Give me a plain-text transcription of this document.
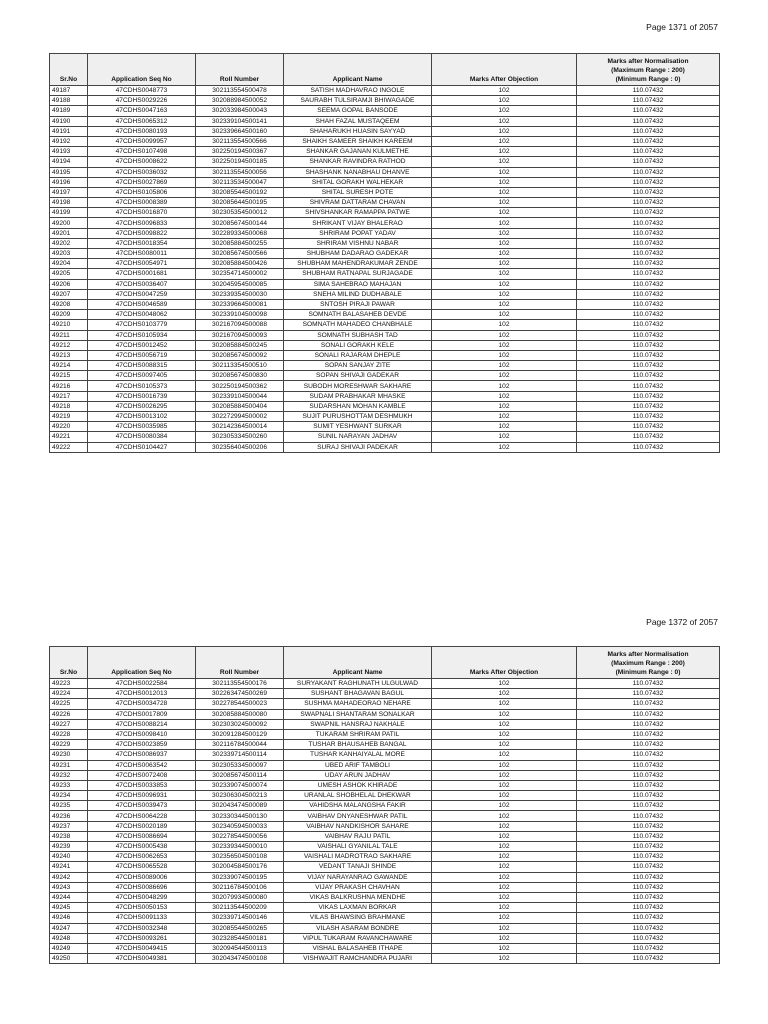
Page 1371 of 2057
Sr.No	Application Seq No	Roll Number	Applicant Name	Marks After Objection	Marks after Normalisation
(Maximum Range : 200)
(Minimum Range : 0)

49187	47CDHS0048773	302113554500478	SATISH MADHAVRAO INGOLE	102	110.07432
49188	47CDHS0029226	302088984500052	SAURABH TULSIRAMJI BHIWAGADE	102	110.07432
49189	47CDHS0047163	302033984500043	SEEMA GOPAL BANSODE	102	110.07432
49190	47CDHS0065312	302339104500141	SHAH FAZAL MUSTAQEEM	102	110.07432
49191	47CDHS0080193	302339664500160	SHAHARUKH HUASIN SAYYAD	102	110.07432
49192	47CDHS0099957	302113554500566	SHAIKH SAMEER SHAIKH KAREEM	102	110.07432
49193	47CDHS0107498	302250194500367	SHANKAR GAJANAN KULMETHE	102	110.07432
49194	47CDHS0008622	302250194500185	SHANKAR RAVINDRA RATHOD	102	110.07432
49195	47CDHS0036032	302113554500056	SHASHANK NANABHAU DHANVE	102	110.07432
49196	47CDHS0027869	302113534500047	SHITAL GORAKH WALHEKAR	102	110.07432
49197	47CDHS0105806	302085544500192	SHITAL SURESH POTE	102	110.07432
49198	47CDHS0008389	302085644500195	SHIVRAM DATTARAM CHAVAN	102	110.07432
49199	47CDHS0016870	302305354500012	SHIVSHANKAR RAMAPPA PATWE	102	110.07432
49200	47CDHS0096833	302085674500144	SHRIKANT VIJAY BHALERAO	102	110.07432
49201	47CDHS0098822	302289334500068	SHRIRAM POPAT YADAV	102	110.07432
49202	47CDHS0018354	302085884500255	SHRIRAM VISHNU NABAR	102	110.07432
49203	47CDHS0080011	302085674500566	SHUBHAM DADARAO GADEKAR	102	110.07432
49204	47CDHS0054971	302085884500426	SHUBHAM MAHENDRAKUMAR ZENDE	102	110.07432
49205	47CDHS0001681	302354714500002	SHUBHAM RATNAPAL SURJAGADE	102	110.07432
49206	47CDHS0036407	302045954500085	SIMA SAHEBRAO MAHAJAN	102	110.07432
49207	47CDHS0047259	302339354500030	SNEHA MILIND DUDHABALE	102	110.07432
49208	47CDHS0046589	302339664500081	SNTOSH PIRAJI PAWAR	102	110.07432
49209	47CDHS0048062	302339104500098	SOMNATH BALASAHEB DEVDE	102	110.07432
49210	47CDHS0103779	302167094500088	SOMNATH MAHADEO CHANBHALE	102	110.07432
49211	47CDHS0105934	302167094500093	SOMNATH SUBHASH TAD	102	110.07432
49212	47CDHS0012452	302085884500245	SONALI GORAKH KELE	102	110.07432
49213	47CDHS0056719	302085674500092	SONALI RAJARAM DHEPLE	102	110.07432
49214	47CDHS0088315	302113354500510	SOPAN SANJAY ZITE	102	110.07432
49215	47CDHS0097405	302085674500830	SOPAN SHIVAJI GADEKAR	102	110.07432
49216	47CDHS0105373	302250194500362	SUBODH MORESHWAR SAKHARE	102	110.07432
49217	47CDHS0016739	302339104500044	SUDAM PRABHAKAR MHASKE	102	110.07432
49218	47CDHS0026295	302085884500404	SUDARSHAN MOHAN KAMBLE	102	110.07432
49219	47CDHS0013102	302272994500002	SUJIT PURUSHOTTAM DESHMUKH	102	110.07432
49220	47CDHS0035985	302142364500014	SUMIT YESHWANT SURKAR	102	110.07432
49221	47CDHS0080384	302305334500260	SUNIL NARAYAN JADHAV	102	110.07432
49222	47CDHS0104427	302356404500206	SURAJ SHIVAJI PADEKAR	102	110.07432
Page 1372 of 2057
Sr.No	Application Seq No	Roll Number	Applicant Name	Marks After Objection	Marks after Normalisation
(Maximum Range : 200)
(Minimum Range : 0)

49223	47CDHS0022584	302113554500176	SURYAKANT RAGHUNATH ULGULWAD	102	110.07432
49224	47CDHS0012013	302263474500269	SUSHANT BHAGAVAN BAGUL	102	110.07432
49225	47CDHS0034728	302278544500023	SUSHMA MAHADEORAO NEHARE	102	110.07432
49226	47CDHS0017809	302085884500080	SWAPNALI SHANTARAM SONALKAR	102	110.07432
49227	47CDHS0088214	302303024500092	SWAPNIL HANSRAJ NAKHALE	102	110.07432
49228	47CDHS0098410	302091284500129	TUKARAM SHRIRAM PATIL	102	110.07432
49229	47CDHS0023859	302116784500044	TUSHAR BHAUSAHEB BANGAL	102	110.07432
49230	47CDHS0086937	302339714500114	TUSHAR KANHAIYALAL MORE	102	110.07432
49231	47CDHS0063542	302305334500097	UBED ARIF TAMBOLI	102	110.07432
49232	47CDHS0072408	302085674500114	UDAY ARUN JADHAV	102	110.07432
49233	47CDHS0033853	302339074500074	UMESH ASHOK KHIRADE	102	110.07432
49234	47CDHS0096931	302306304500213	URANLAL SHOBHELAL DHEKWAR	102	110.07432
49235	47CDHS0039473	302043474500089	VAHIDSHA MALANGSHA FAKIR	102	110.07432
49236	47CDHS0064228	302330344500130	VAIBHAV DNYANESHWAR PATIL	102	110.07432
49237	47CDHS0020189	302340594500033	VAIBHAV NANDKISHOR SAHARE	102	110.07432
49238	47CDHS0086694	302278544500056	VAIBHAV RAJU PATIL	102	110.07432
49239	47CDHS0005438	302339344500010	VAISHALI GYANILAL TALE	102	110.07432
49240	47CDHS0062653	302356504500108	VAISHALI MADROTRAO SAKHARE	102	110.07432
49241	47CDHS0065528	302004584500176	VEDANT TANAJI SHINDE	102	110.07432
49242	47CDHS0089006	302339074500195	VIJAY NARAYANRAO GAWANDE	102	110.07432
49243	47CDHS0086696	302116784500106	VIJAY PRAKASH CHAVHAN	102	110.07432
49244	47CDHS0048299	302079934500080	VIKAS BALKRUSHNA MENDHE	102	110.07432
49245	47CDHS0050153	302113544500209	VIKAS LAXMAN BORKAR	102	110.07432
49246	47CDHS0091133	302339714500146	VILAS BHAWSING BRAHMANE	102	110.07432
49247	47CDHS0032348	302085544500265	VILASH ASARAM BONDRE	102	110.07432
49248	47CDHS0093261	302328544500181	VIPUL TUKARAM RAVANCHAWARE	102	110.07432
49249	47CDHS0049415	302094544500113	VISHAL BALASAHEB ITHAPE	102	110.07432
49250	47CDHS0049381	302043474500108	VISHWAJIT RAMCHANDRA PUJARI	102	110.07432
